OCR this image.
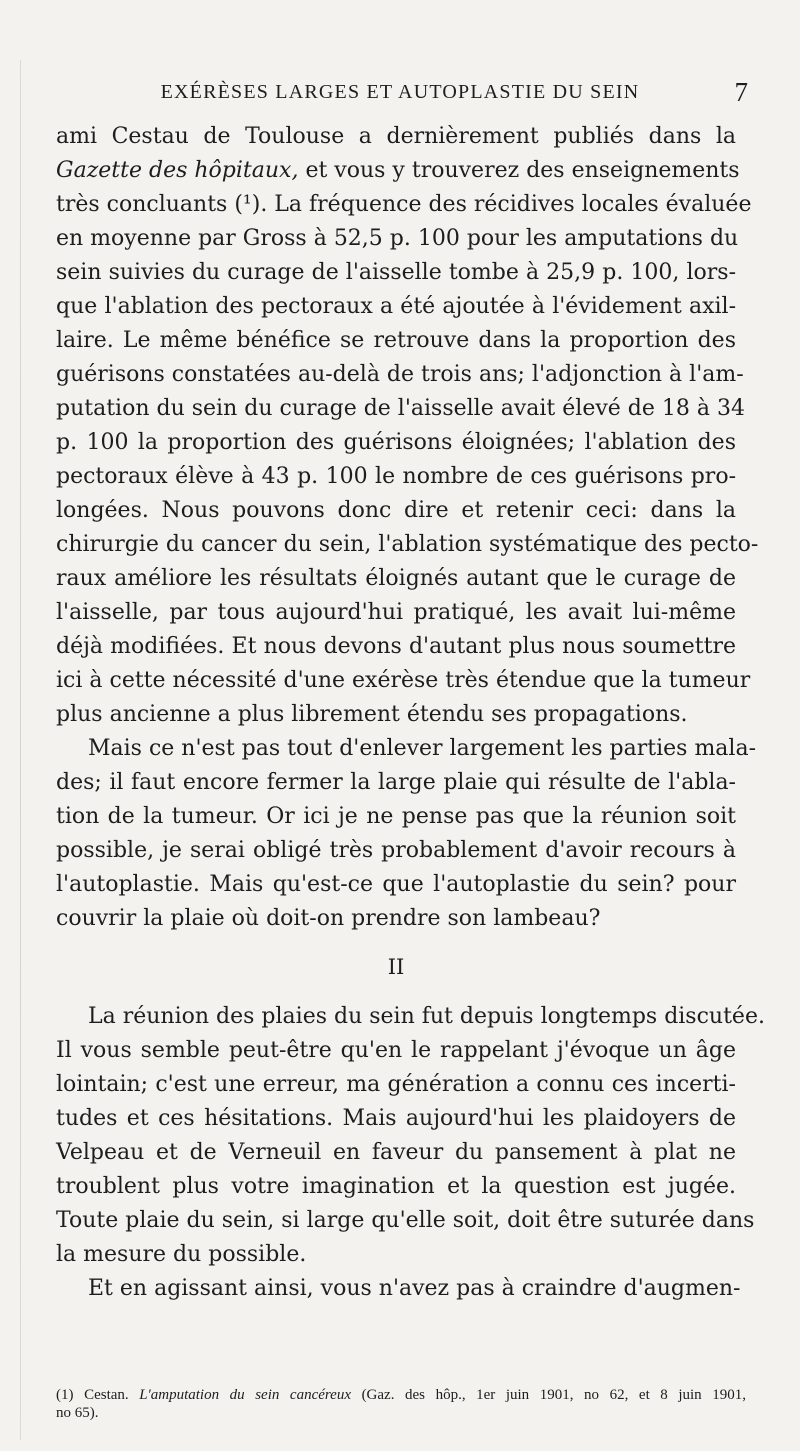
EXÉRÈSES LARGES ET AUTOPLASTIE DU SEIN	7

ami Cestau de Toulouse a dernièrement publiés dans la
Gazette des hôpitaux, et vous y trouverez des enseignements
très concluants (¹). La fréquence des récidives locales évaluée
en moyenne par Gross à 52,5 p. 100 pour les amputations du
sein suivies du curage de l'aisselle tombe à 25,9 p. 100, lors-
que l'ablation des pectoraux a été ajoutée à l'évidement axil-
laire. Le même bénéfice se retrouve dans la proportion des
guérisons constatées au-delà de trois ans; l'adjonction à l'am-
putation du sein du curage de l'aisselle avait élevé de 18 à 34
p. 100 la proportion des guérisons éloignées; l'ablation des
pectoraux élève à 43 p. 100 le nombre de ces guérisons pro-
longées. Nous pouvons donc dire et retenir ceci: dans la
chirurgie du cancer du sein, l'ablation systématique des pecto-
raux améliore les résultats éloignés autant que le curage de
l'aisselle, par tous aujourd'hui pratiqué, les avait lui-même
déjà modifiées. Et nous devons d'autant plus nous soumettre
ici à cette nécessité d'une exérèse très étendue que la tumeur
plus ancienne a plus librement étendu ses propagations.

Mais ce n'est pas tout d'enlever largement les parties mala-
des; il faut encore fermer la large plaie qui résulte de l'abla-
tion de la tumeur. Or ici je ne pense pas que la réunion soit
possible, je serai obligé très probablement d'avoir recours à
l'autoplastie. Mais qu'est-ce que l'autoplastie du sein? pour
couvrir la plaie où doit-on prendre son lambeau?

II

La réunion des plaies du sein fut depuis longtemps discutée.
Il vous semble peut-être qu'en le rappelant j'évoque un âge
lointain; c'est une erreur, ma génération a connu ces incerti-
tudes et ces hésitations. Mais aujourd'hui les plaidoyers de
Velpeau et de Verneuil en faveur du pansement à plat ne
troublent plus votre imagination et la question est jugée.
Toute plaie du sein, si large qu'elle soit, doit être suturée dans
la mesure du possible.

Et en agissant ainsi, vous n'avez pas à craindre d'augmen-

(1) Cestan. L'amputation du sein cancéreux (Gaz. des hôp., 1er juin 1901, no 62, et 8 juin 1901,
no 65).
